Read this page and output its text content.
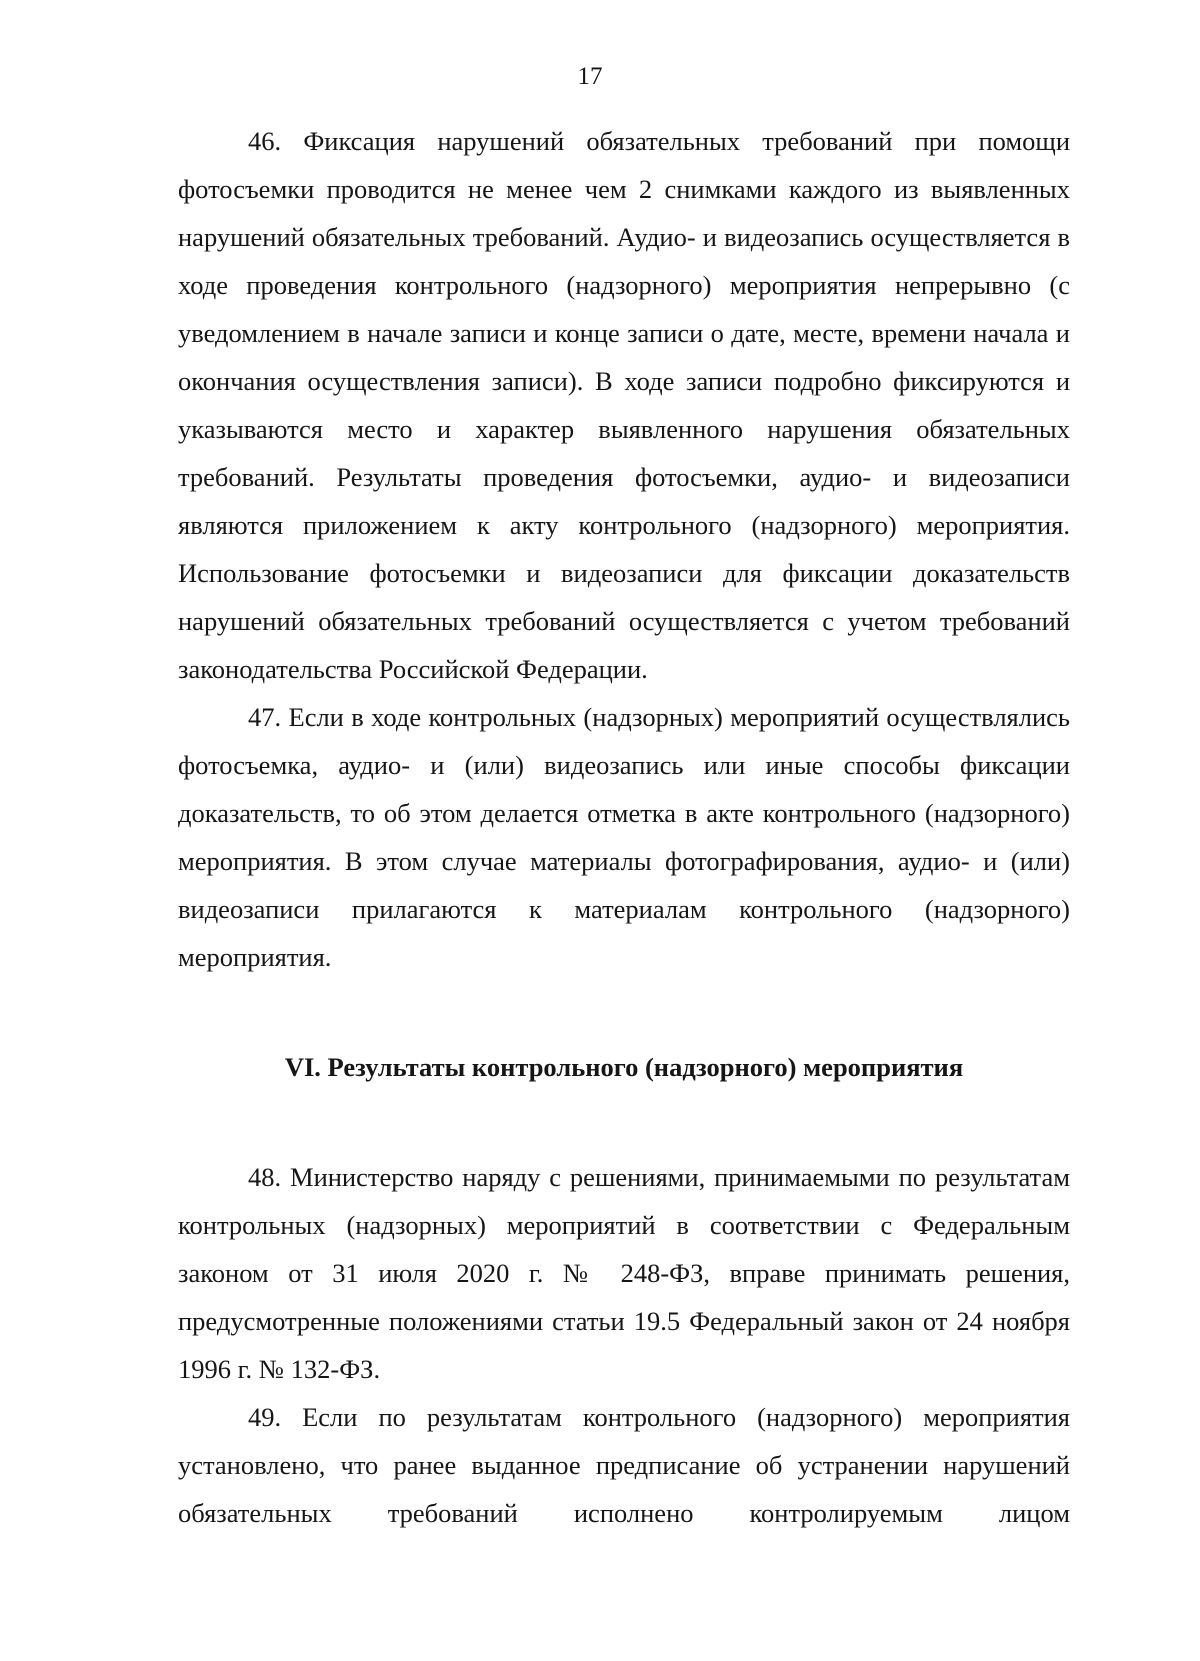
17

46. Фиксация нарушений обязательных требований при помощи фотосъемки проводится не менее чем 2 снимками каждого из выявленных нарушений обязательных требований. Аудио- и видеозапись осуществляется в ходе проведения контрольного (надзорного) мероприятия непрерывно (с уведомлением в начале записи и конце записи о дате, месте, времени начала и окончания осуществления записи). В ходе записи подробно фиксируются и указываются место и характер выявленного нарушения обязательных требований. Результаты проведения фотосъемки, аудио- и видеозаписи являются приложением к акту контрольного (надзорного) мероприятия. Использование фотосъемки и видеозаписи для фиксации доказательств нарушений обязательных требований осуществляется с учетом требований законодательства Российской Федерации.

47. Если в ходе контрольных (надзорных) мероприятий осуществлялись фотосъемка, аудио- и (или) видеозапись или иные способы фиксации доказательств, то об этом делается отметка в акте контрольного (надзорного) мероприятия. В этом случае материалы фотографирования, аудио- и (или) видеозаписи прилагаются к материалам контрольного (надзорного) мероприятия.

VI. Результаты контрольного (надзорного) мероприятия

48. Министерство наряду с решениями, принимаемыми по результатам контрольных (надзорных) мероприятий в соответствии с Федеральным законом от 31 июля 2020 г. № 248-ФЗ, вправе принимать решения, предусмотренные положениями статьи 19.5 Федеральный закон от 24 ноября 1996 г. № 132-ФЗ.

49. Если по результатам контрольного (надзорного) мероприятия установлено, что ранее выданное предписание об устранении нарушений обязательных требований исполнено контролируемым лицом
